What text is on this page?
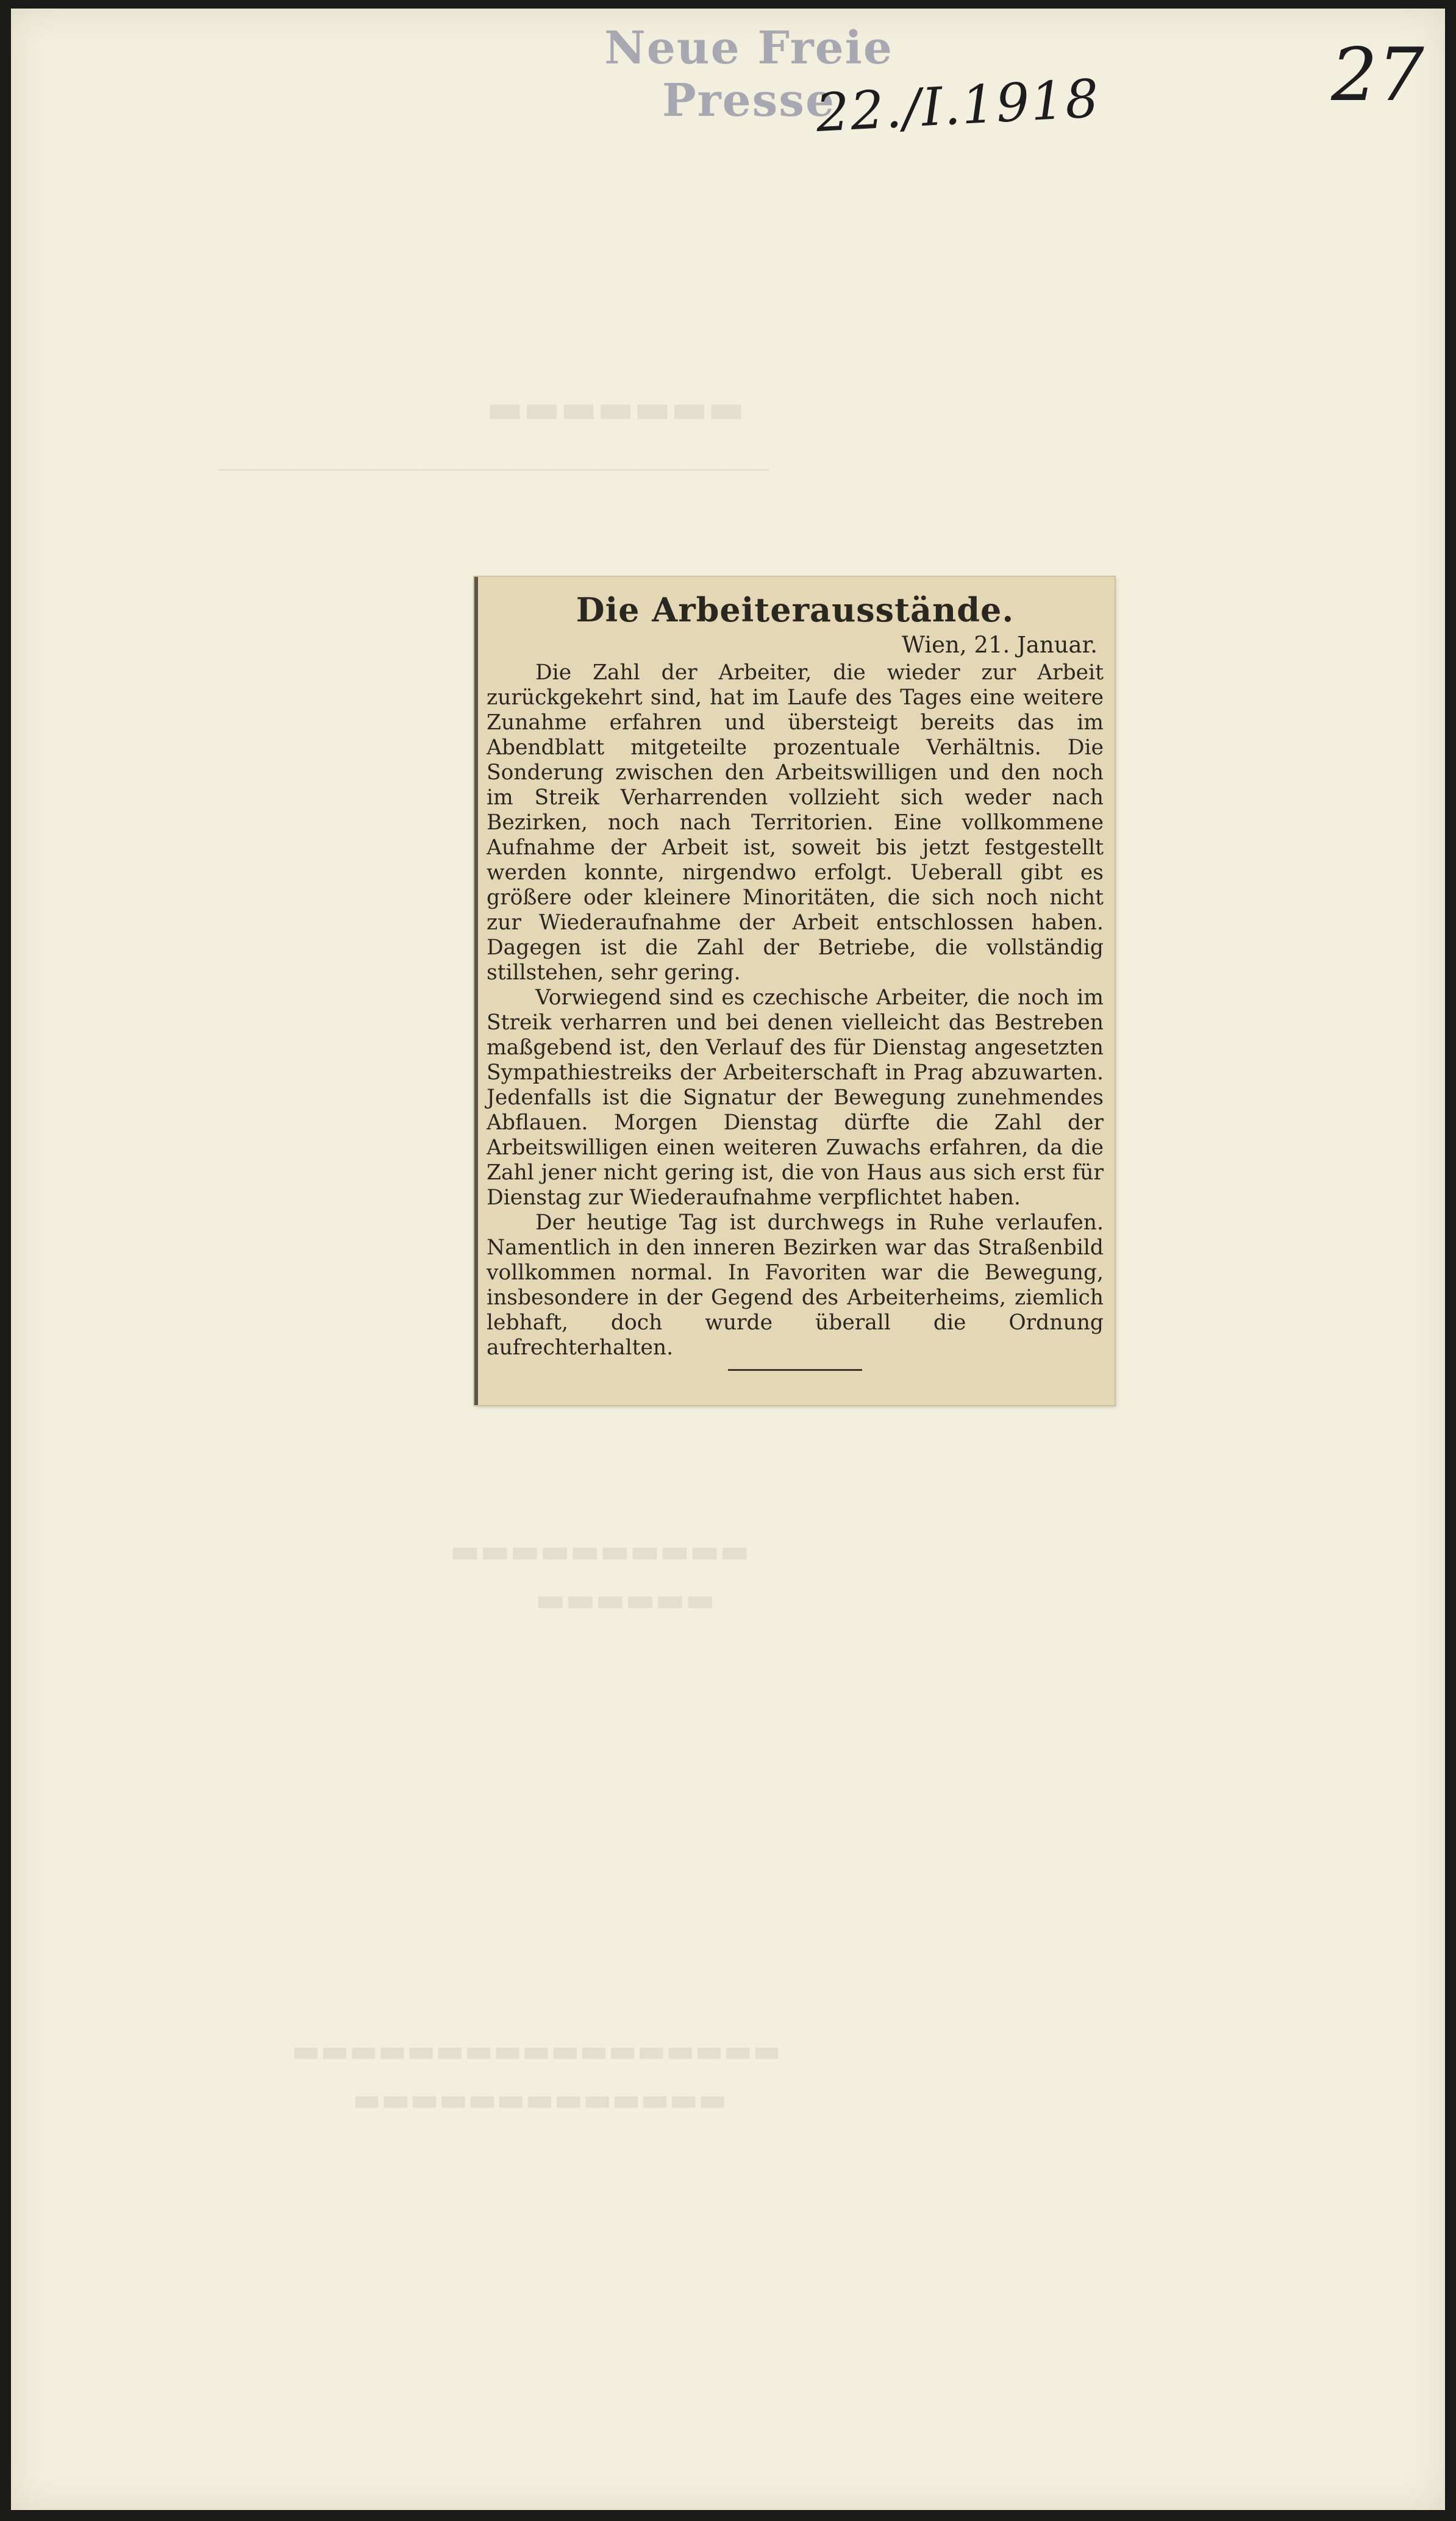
▬▬▬▬▬▬▬
──────────────────────────────────────────────────
▬▬▬▬▬▬▬▬▬▬
▬▬▬▬▬▬
▬▬▬▬▬▬▬▬▬▬▬▬▬▬▬▬▬
▬▬▬▬▬▬▬▬▬▬▬▬▬
Neue Freie Presse
22./I.1918	27
Die Arbeiterausstände.
Wien, 21. Januar.

Die Zahl der Arbeiter, die wieder zur Arbeit zurückgekehrt sind, hat im Laufe des Tages eine weitere Zunahme erfahren und übersteigt bereits das im Abendblatt mitgeteilte prozentuale Verhältnis. Die Sonderung zwischen den Arbeitswilligen und den noch im Streik Verharrenden vollzieht sich weder nach Bezirken, noch nach Territorien. Eine vollkommene Aufnahme der Arbeit ist, soweit bis jetzt festgestellt werden konnte, nirgendwo erfolgt. Ueberall gibt es größere oder kleinere Minoritäten, die sich noch nicht zur Wiederaufnahme der Arbeit entschlossen haben. Dagegen ist die Zahl der Betriebe, die vollständig stillstehen, sehr gering.

Vorwiegend sind es czechische Arbeiter, die noch im Streik verharren und bei denen vielleicht das Bestreben maßgebend ist, den Verlauf des für Dienstag angesetzten Sympathiestreiks der Arbeiterschaft in Prag abzuwarten. Jedenfalls ist die Signatur der Bewegung zunehmendes Abflauen. Morgen Dienstag dürfte die Zahl der Arbeitswilligen einen weiteren Zuwachs erfahren, da die Zahl jener nicht gering ist, die von Haus aus sich erst für Dienstag zur Wiederaufnahme verpflichtet haben.

Der heutige Tag ist durchwegs in Ruhe verlaufen. Namentlich in den inneren Bezirken war das Straßenbild vollkommen normal. In Favoriten war die Bewegung, insbesondere in der Gegend des Arbeiterheims, ziemlich lebhaft, doch wurde überall die Ordnung aufrechterhalten.
